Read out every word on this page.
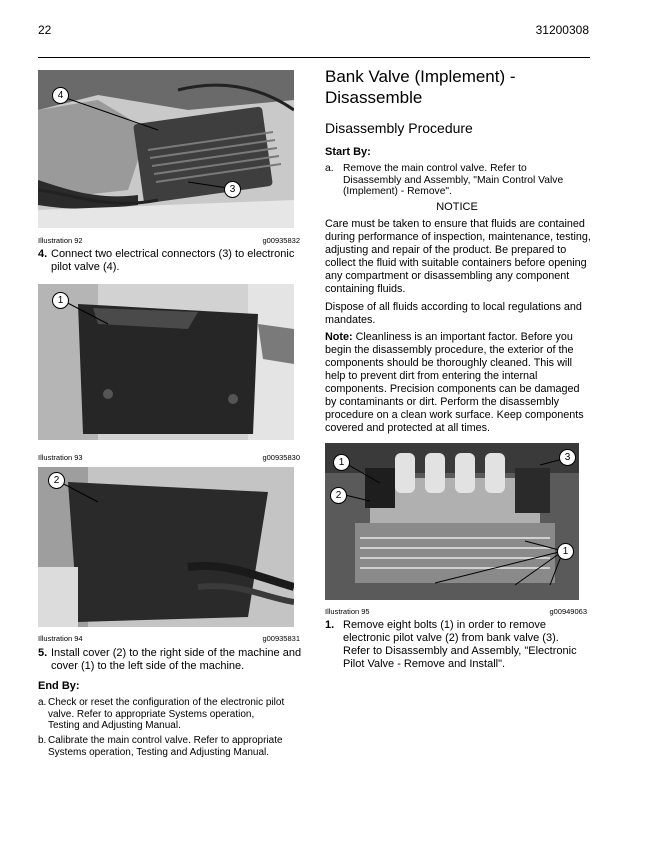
22	31200308
4
3
Illustration 92	g00935832
4. Connect two electrical connectors (3) to electronic pilot valve (4).
1
Illustration 93	g00935830
2
Illustration 94	g00935831
5. Install cover (2) to the right side of the machine and cover (1) to the left side of the machine.
End By:
a. Check or reset the configuration of the electronic pilot valve. Refer to appropriate Systems operation, Testing and Adjusting Manual.
b. Calibrate the main control valve. Refer to appropriate Systems operation, Testing and Adjusting Manual.
Bank Valve (Implement) - Disassemble
Disassembly Procedure
Start By:
a. Remove the main control valve. Refer to Disassembly and Assembly, "Main Control Valve (Implement) - Remove".
NOTICE
Care must be taken to ensure that fluids are contained during performance of inspection, maintenance, testing, adjusting and repair of the product. Be prepared to collect the fluid with suitable containers before opening any compartment or disassembling any component containing fluids.
Dispose of all fluids according to local regulations and mandates.
Note: Cleanliness is an important factor. Before you begin the disassembly procedure, the exterior of the components should be thoroughly cleaned. This will help to prevent dirt from entering the internal components. Precision components can be damaged by contaminants or dirt. Perform the disassembly procedure on a clean work surface. Keep components covered and protected at all times.
1
2
3
1
Illustration 95	g00949063
1. Remove eight bolts (1) in order to remove electronic pilot valve (2) from bank valve (3). Refer to Disassembly and Assembly, "Electronic Pilot Valve - Remove and Install".
